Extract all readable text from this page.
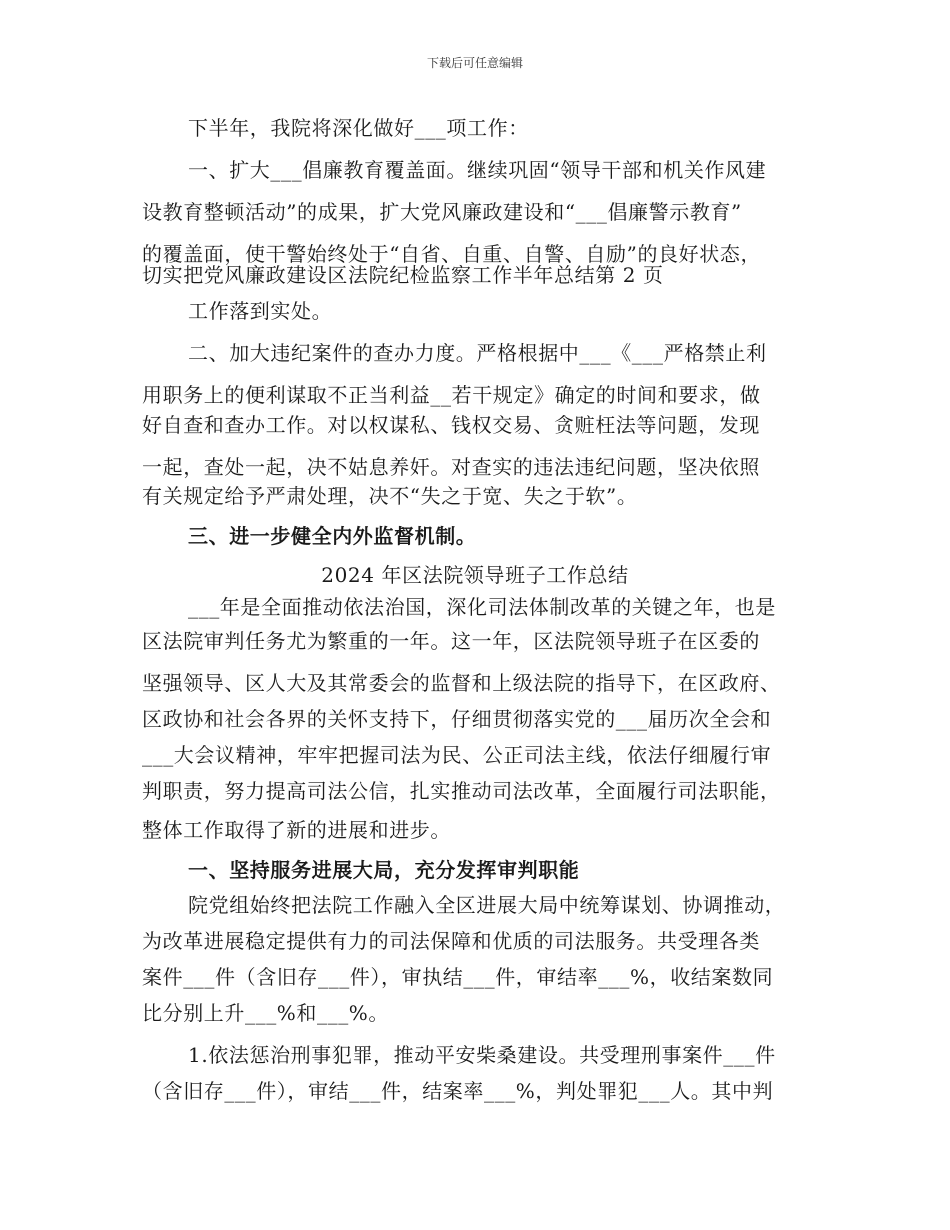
下载后可任意编辑
下半年，我院将深化做好___项工作：
一、扩大___倡廉教育覆盖面。继续巩固“领导干部和机关作风建
设教育整顿活动”的成果，扩大党风廉政建设和“___倡廉警示教育”
的覆盖面，使干警始终处于“自省、自重、自警、自励”的良好状态，
切实把党风廉政建设区法院纪检监察工作半年总结第 2 页
工作落到实处。
二、加大违纪案件的查办力度。严格根据中___《___严格禁止利
用职务上的便利谋取不正当利益__若干规定》确定的时间和要求，做
好自查和查办工作。对以权谋私、钱权交易、贪赃枉法等问题，发现
一起，查处一起，决不姑息养奸。对查实的违法违纪问题，坚决依照
有关规定给予严肃处理，决不“失之于宽、失之于软”。
三、进一步健全内外监督机制。
2024 年区法院领导班子工作总结
___年是全面推动依法治国，深化司法体制改革的关键之年，也是
区法院审判任务尤为繁重的一年。这一年，区法院领导班子在区委的
坚强领导、区人大及其常委会的监督和上级法院的指导下，在区政府、
区政协和社会各界的关怀支持下，仔细贯彻落实党的___届历次全会和
___大会议精神，牢牢把握司法为民、公正司法主线，依法仔细履行审
判职责，努力提高司法公信，扎实推动司法改革，全面履行司法职能，
整体工作取得了新的进展和进步。
一、坚持服务进展大局，充分发挥审判职能
院党组始终把法院工作融入全区进展大局中统筹谋划、协调推动，
为改革进展稳定提供有力的司法保障和优质的司法服务。共受理各类
案件___件（含旧存___件），审执结___件，审结率___%，收结案数同
比分别上升___%和___%。
1.依法惩治刑事犯罪，推动平安柴桑建设。共受理刑事案件___件
（含旧存___件），审结___件，结案率___%，判处罪犯___人。其中判
